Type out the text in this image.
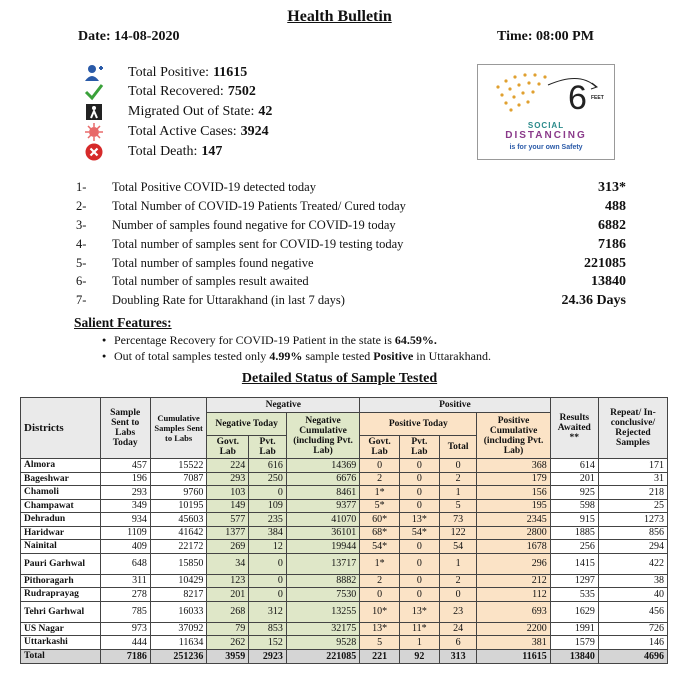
Health Bulletin
Date: 14-08-2020	Time: 08:00 PM
Total Positive: 11615
Total Recovered: 7502
Migrated Out of State: 42
Total Active Cases: 3924
Total Death: 147
6 FEET
SOCIAL
DISTANCING
is for your own Safety
1-	Total Positive COVID-19 detected today	313*
2-	Total Number of COVID-19 Patients Treated/ Cured today	488
3-	Number of samples found negative for COVID-19 today	6882
4-	Total number of samples sent for COVID-19 testing today	7186
5-	Total number of samples found negative	221085
6-	Total number of samples result awaited	13840
7-	Doubling Rate for Uttarakhand (in last 7 days)	24.36 Days
Salient Features:
● Percentage Recovery for COVID-19 Patient in the state is 64.59%.
● Out of total samples tested only 4.99% sample tested Positive in Uttarakhand.
Detailed Status of Sample Tested
Districts	Sample Sent to Labs Today	Cumulative Samples Sent to Labs	Negative			Positive				Results Awaited **	Repeat/ In-conclusive/ Rejected Samples
			Negative Today		Negative Cumulative (including Pvt. Lab)	Positive Today			Positive Cumulative (including Pvt. Lab)		
			Govt. Lab	Pvt. Lab		Govt. Lab	Pvt. Lab	Total			
Almora	457	15522	224	616	14369	0	0	0	368	614	171
Bageshwar	196	7087	293	250	6676	2	0	2	179	201	31
Chamoli	293	9760	103	0	8461	1*	0	1	156	925	218
Champawat	349	10195	149	109	9377	5*	0	5	195	598	25
Dehradun	934	45603	577	235	41070	60*	13*	73	2345	915	1273
Haridwar	1109	41642	1377	384	36101	68*	54*	122	2800	1885	856
Nainital	409	22172	269	12	19944	54*	0	54	1678	256	294
Pauri Garhwal	648	15850	34	0	13717	1*	0	1	296	1415	422
Pithoragarh	311	10429	123	0	8882	2	0	2	212	1297	38
Rudraprayag	278	8217	201	0	7530	0	0	0	112	535	40
Tehri Garhwal	785	16033	268	312	13255	10*	13*	23	693	1629	456
US Nagar	973	37092	79	853	32175	13*	11*	24	2200	1991	726
Uttarkashi	444	11634	262	152	9528	5	1	6	381	1579	146
Total	7186	251236	3959	2923	221085	221	92	313	11615	13840	4696
